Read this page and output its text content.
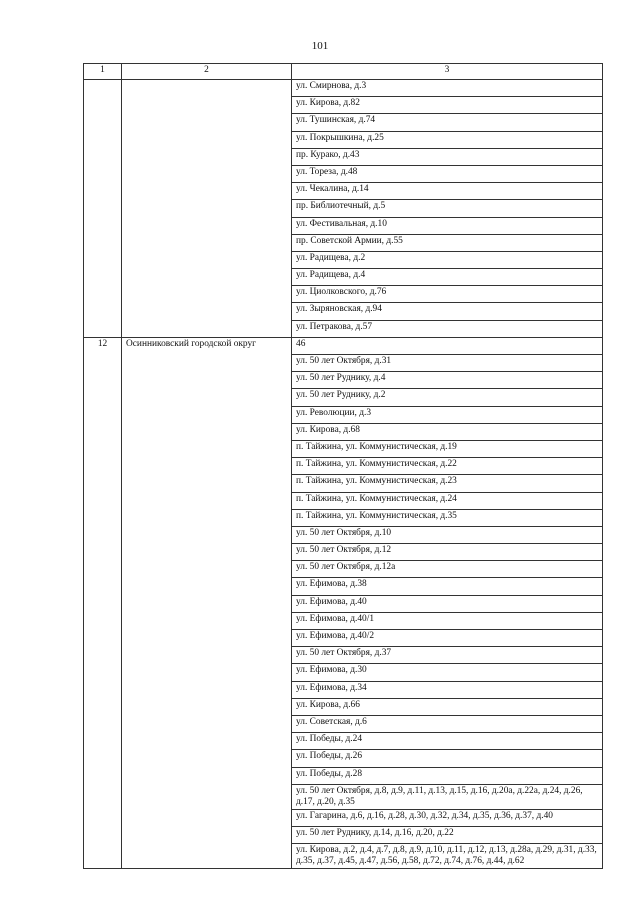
101
1	2	3
		ул. Смирнова, д.3
		ул. Кирова, д.82
		ул. Тушинская, д.74
		ул. Покрышкина, д.25
		пр. Курако, д.43
		ул. Тореза, д.48
		ул. Чекалина, д.14
		пр. Библиотечный, д.5
		ул. Фестивальная, д.10
		пр. Советской Армии, д.55
		ул. Радищева, д.2
		ул. Радищева, д.4
		ул. Циолковского, д.76
		ул. Зыряновская, д.94
		ул. Петракова, д.57
12	Осинниковский городской округ	46
		ул. 50 лет Октября, д.31
		ул. 50 лет Руднику, д.4
		ул. 50 лет Руднику, д.2
		ул. Революции, д.3
		ул. Кирова, д.68
		п. Тайжина, ул. Коммунистическая, д.19
		п. Тайжина, ул. Коммунистическая, д.22
		п. Тайжина, ул. Коммунистическая, д.23
		п. Тайжина, ул. Коммунистическая, д.24
		п. Тайжина, ул. Коммунистическая, д.35
		ул. 50 лет Октября, д.10
		ул. 50 лет Октября, д.12
		ул. 50 лет Октября, д.12а
		ул. Ефимова, д.38
		ул. Ефимова, д.40
		ул. Ефимова, д.40/1
		ул. Ефимова, д.40/2
		ул. 50 лет Октября, д.37
		ул. Ефимова, д.30
		ул. Ефимова, д.34
		ул. Кирова, д.66
		ул. Советская, д.6
		ул. Победы, д.24
		ул. Победы, д.26
		ул. Победы, д.28
		ул. 50 лет Октября, д.8, д.9, д.11, д.13, д.15, д.16, д.20а, д.22а, д.24, д.26, д.17, д.20, д.35
		ул. Гагарина, д.6, д.16, д.28, д.30, д.32, д.34, д.35, д.36, д.37, д.40
		ул. 50 лет Руднику, д.14, д.16, д.20, д.22
		ул. Кирова, д.2, д.4, д.7, д.8, д.9, д.10, д.11, д.12, д.13, д.28а, д.29, д.31, д.33, д.35, д.37, д.45, д.47, д.56, д.58, д.72, д.74, д.76, д.44, д.62
